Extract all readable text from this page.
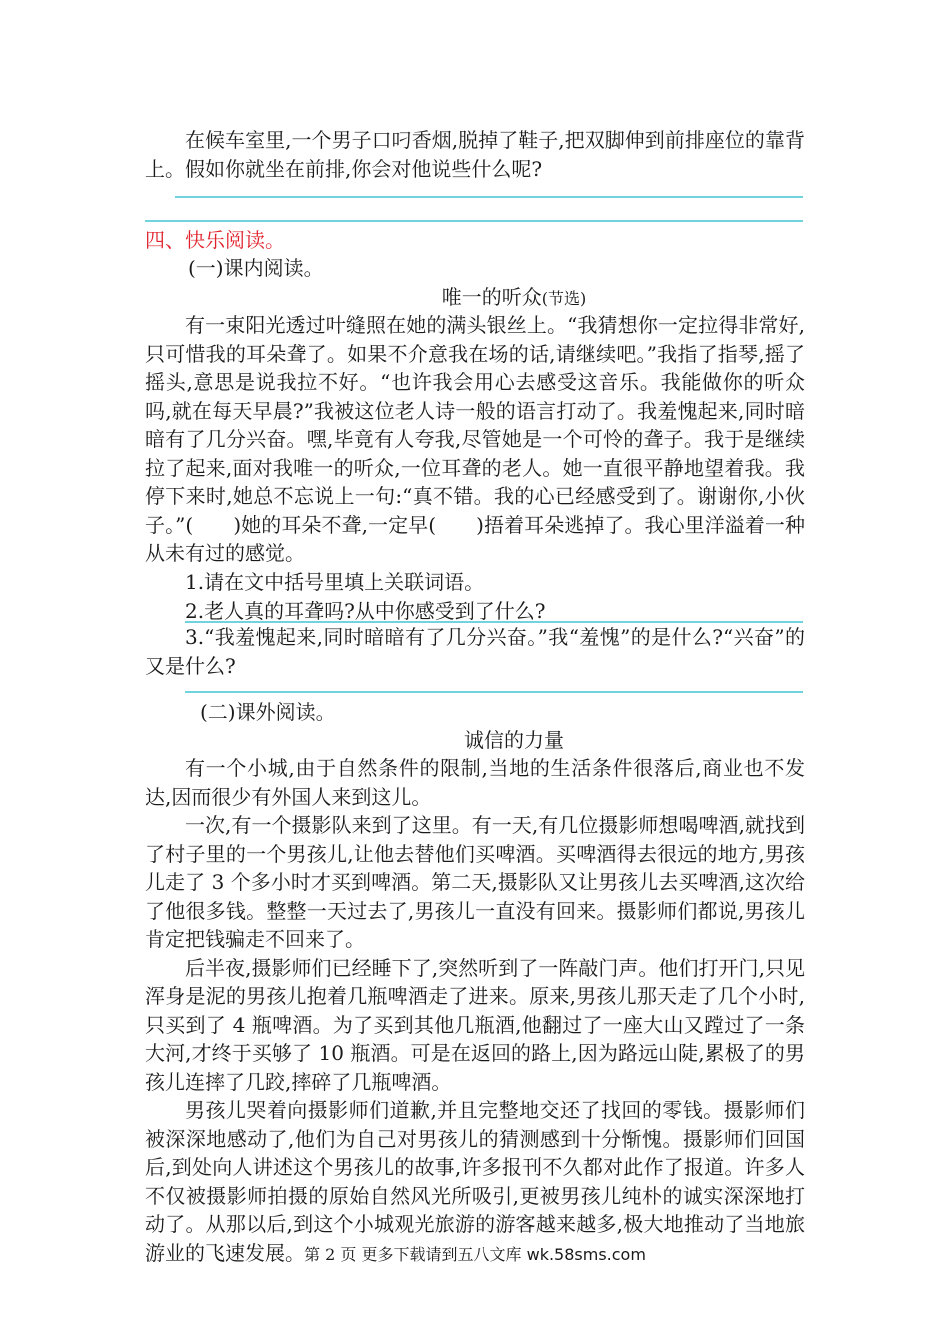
在候车室里,一个男子口叼香烟,脱掉了鞋子,把双脚伸到前排座位的靠背上。假如你就坐在前排,你会对他说些什么呢?

四、快乐阅读。

(一)课内阅读。

唯一的听众(节选)

有一束阳光透过叶缝照在她的满头银丝上。“我猜想你一定拉得非常好,只可惜我的耳朵聋了。如果不介意我在场的话,请继续吧。”我指了指琴,摇了摇头,意思是说我拉不好。“也许我会用心去感受这音乐。我能做你的听众吗,就在每天早晨?”我被这位老人诗一般的语言打动了。我羞愧起来,同时暗暗有了几分兴奋。嘿,毕竟有人夸我,尽管她是一个可怜的聋子。我于是继续拉了起来,面对我唯一的听众,一位耳聋的老人。她一直很平静地望着我。我停下来时,她总不忘说上一句:“真不错。我的心已经感受到了。谢谢你,小伙子。”(　　)她的耳朵不聋,一定早(　　)捂着耳朵逃掉了。我心里洋溢着一种从未有过的感觉。

1.请在文中括号里填上关联词语。

2.老人真的耳聋吗?从中你感受到了什么?

3.“我羞愧起来,同时暗暗有了几分兴奋。”我“羞愧”的是什么?“兴奋”的又是什么?

(二)课外阅读。

诚信的力量

有一个小城,由于自然条件的限制,当地的生活条件很落后,商业也不发达,因而很少有外国人来到这儿。

一次,有一个摄影队来到了这里。有一天,有几位摄影师想喝啤酒,就找到了村子里的一个男孩儿,让他去替他们买啤酒。买啤酒得去很远的地方,男孩儿走了 3 个多小时才买到啤酒。第二天,摄影队又让男孩儿去买啤酒,这次给了他很多钱。整整一天过去了,男孩儿一直没有回来。摄影师们都说,男孩儿肯定把钱骗走不回来了。

后半夜,摄影师们已经睡下了,突然听到了一阵敲门声。他们打开门,只见浑身是泥的男孩儿抱着几瓶啤酒走了进来。原来,男孩儿那天走了几个小时,只买到了 4 瓶啤酒。为了买到其他几瓶酒,他翻过了一座大山又蹚过了一条大河,才终于买够了 10 瓶酒。可是在返回的路上,因为路远山陡,累极了的男孩儿连摔了几跤,摔碎了几瓶啤酒。

男孩儿哭着向摄影师们道歉,并且完整地交还了找回的零钱。摄影师们被深深地感动了,他们为自己对男孩儿的猜测感到十分惭愧。摄影师们回国后,到处向人讲述这个男孩儿的故事,许多报刊不久都对此作了报道。许多人不仅被摄影师拍摄的原始自然风光所吸引,更被男孩儿纯朴的诚实深深地打动了。从那以后,到这个小城观光旅游的游客越来越多,极大地推动了当地旅游业的飞速发展。 第 2 页 更多下载请到五八文库 wk.58sms.com
